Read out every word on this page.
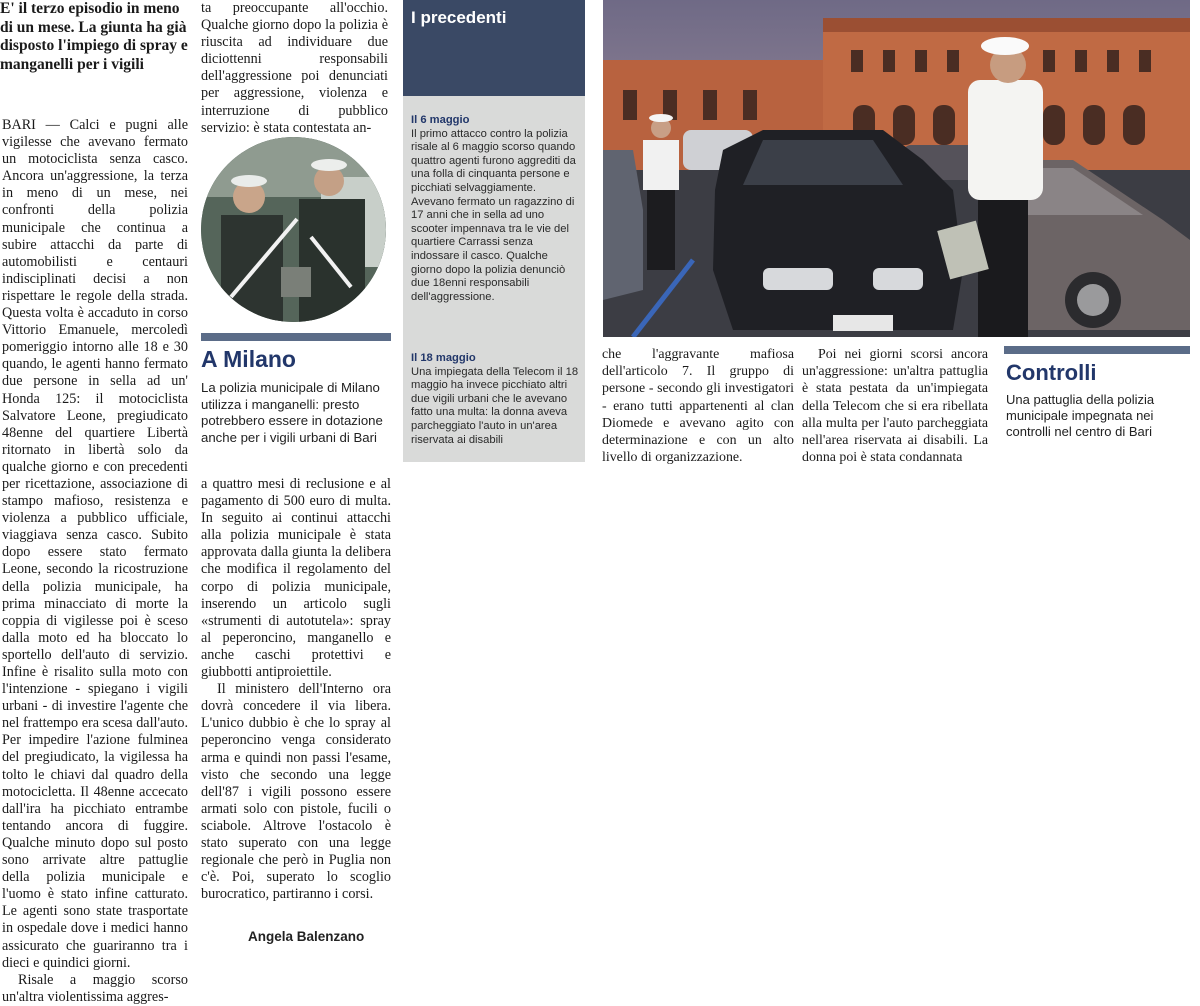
E' il terzo episodio in meno di un mese. La giunta ha già disposto l'impiego di spray e manganelli per i vigili

BARI — Calci e pugni alle vigilesse che avevano fermato un motociclista senza casco. Ancora un'aggressione, la terza in meno di un mese, nei confronti della polizia municipale che continua a subire attacchi da parte di automobilisti e centauri indisciplinati decisi a non rispettare le regole della strada. Questa volta è accaduto in corso Vittorio Emanuele, mercoledì pomeriggio intorno alle 18 e 30 quando, le agenti hanno fermato due persone in sella ad un' Honda 125: il motociclista Salvatore Leone, pregiudicato 48enne del quartiere Libertà ritornato in libertà solo da qualche giorno e con precedenti per ricettazione, associazione di stampo mafioso, resistenza e violenza a pubblico ufficiale, viaggiava senza casco. Subito dopo essere stato fermato Leone, secondo la ricostruzione della polizia municipale, ha prima minacciato di morte la coppia di vigilesse poi è sceso dalla moto ed ha bloccato lo sportello dell'auto di servizio. Infine è risalito sulla moto con l'intenzione - spiegano i vigili urbani - di investire l'agente che nel frattempo era scesa dall'auto. Per impedire l'azione fulminea del pregiudicato, la vigilessa ha tolto le chiavi dal quadro della motocicletta. Il 48enne accecato dall'ira ha picchiato entrambe tentando ancora di fuggire. Qualche minuto dopo sul posto sono arrivate altre pattuglie della polizia municipale e l'uomo è stato infine catturato. Le agenti sono state trasportate in ospedale dove i medici hanno assicurato che guariranno tra i dieci e quindici giorni.

Risale a maggio scorso un'altra violentissima aggres-

ta preoccupante all'occhio. Qualche giorno dopo la polizia è riuscita ad individuare due diciottenni responsabili dell'aggressione poi denunciati per aggressione, violenza e interruzione di pubblico servizio: è stata contestata an-

A Milano
La polizia municipale di Milano utilizza i manganelli: presto potrebbero essere in dotazione anche per i vigili urbani di Bari

a quattro mesi di reclusione e al pagamento di 500 euro di multa. In seguito ai continui attacchi alla polizia municipale è stata approvata dalla giunta la delibera che modifica il regolamento del corpo di polizia municipale, inserendo un articolo sugli «strumenti di autotutela»: spray al peperoncino, manganello e anche caschi protettivi e giubbotti antiproiettile.

Il ministero dell'Interno ora dovrà concedere il via libera. L'unico dubbio è che lo spray al peperoncino venga considerato arma e quindi non passi l'esame, visto che secondo una legge dell'87 i vigili possono essere armati solo con pistole, fucili o sciabole. Altrove l'ostacolo è stato superato con una legge regionale che però in Puglia non c'è. Poi, superato lo scoglio burocratico, partiranno i corsi.

Angela Balenzano
I precedenti
Il 6 maggio
Il primo attacco contro la polizia risale al 6 maggio scorso quando quattro agenti furono aggrediti da una folla di cinquanta persone e picchiati selvaggiamente. Avevano fermato un ragazzino di 17 anni che in sella ad uno scooter impennava tra le vie del quartiere Carrassi senza indossare il casco. Qualche giorno dopo la polizia denunciò due 18enni responsabili dell'aggressione.
Il 18 maggio
Una impiegata della Telecom il 18 maggio ha invece picchiato altri due vigili urbani che le avevano fatto una multa: la donna aveva parcheggiato l'auto in un'area riservata ai disabili

che l'aggravante mafiosa dell'articolo 7. Il gruppo di persone - secondo gli investigatori - erano tutti appartenenti al clan Diomede e avevano agito con determinazione e con un alto livello di organizzazione.

Poi nei giorni scorsi ancora un'aggressione: un'altra pattuglia è stata pestata da un'impiegata della Telecom che si era ribellata alla multa per l'auto parcheggiata nell'area riservata ai disabili. La donna poi è stata condannata

Controlli
Una pattuglia della polizia municipale impegnata nei controlli nel centro di Bari
